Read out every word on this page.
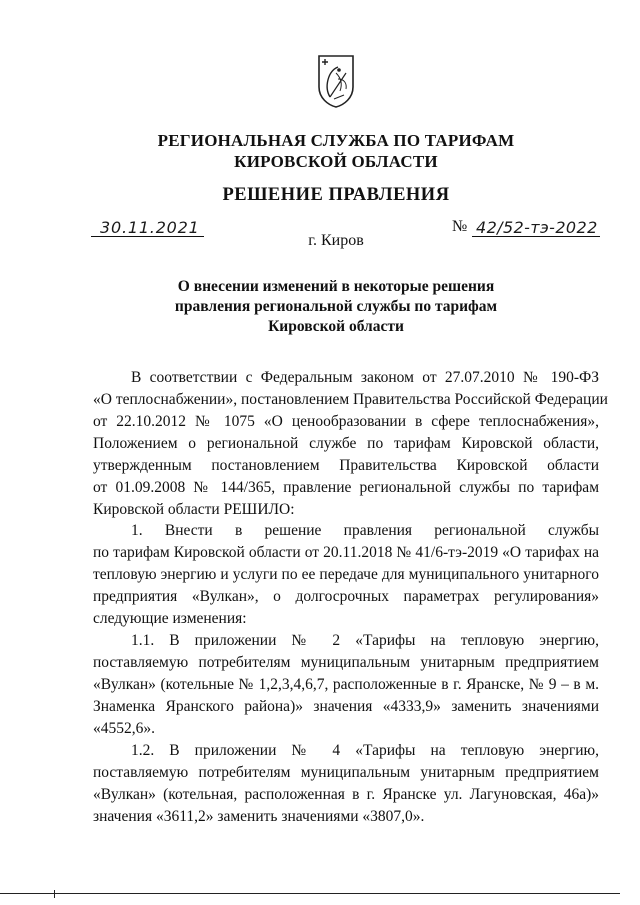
РЕГИОНАЛЬНАЯ СЛУЖБА ПО ТАРИФАМ
КИРОВСКОЙ ОБЛАСТИ
РЕШЕНИЕ ПРАВЛЕНИЯ
30.11.2021	№ 42/52-тэ-2022
г. Киров
О внесении изменений в некоторые решения
правления региональной службы по тарифам
Кировской области
В соответствии с Федеральным законом от 27.07.2010 № 190-ФЗ
«О теплоснабжении», постановлением Правительства Российской Федерации
от 22.10.2012 № 1075 «О ценообразовании в сфере теплоснабжения»,
Положением о региональной службе по тарифам Кировской области,
утвержденным постановлением Правительства Кировской области
от 01.09.2008 № 144/365, правление региональной службы по тарифам
Кировской области РЕШИЛО:
1. Внести в решение правления региональной службы
по тарифам Кировской области от 20.11.2018 № 41/6-тэ-2019 «О тарифах на
тепловую энергию и услуги по ее передаче для муниципального унитарного
предприятия «Вулкан», о долгосрочных параметрах регулирования»
следующие изменения:
1.1. В приложении № 2 «Тарифы на тепловую энергию,
поставляемую потребителям муниципальным унитарным предприятием
«Вулкан» (котельные № 1,2,3,4,6,7, расположенные в г. Яранске, № 9 – в м.
Знаменка Яранского района)» значения «4333,9» заменить значениями
«4552,6».
1.2. В приложении № 4 «Тарифы на тепловую энергию,
поставляемую потребителям муниципальным унитарным предприятием
«Вулкан» (котельная, расположенная в г. Яранске ул. Лагуновская, 46а)»
значения «3611,2» заменить значениями «3807,0».
